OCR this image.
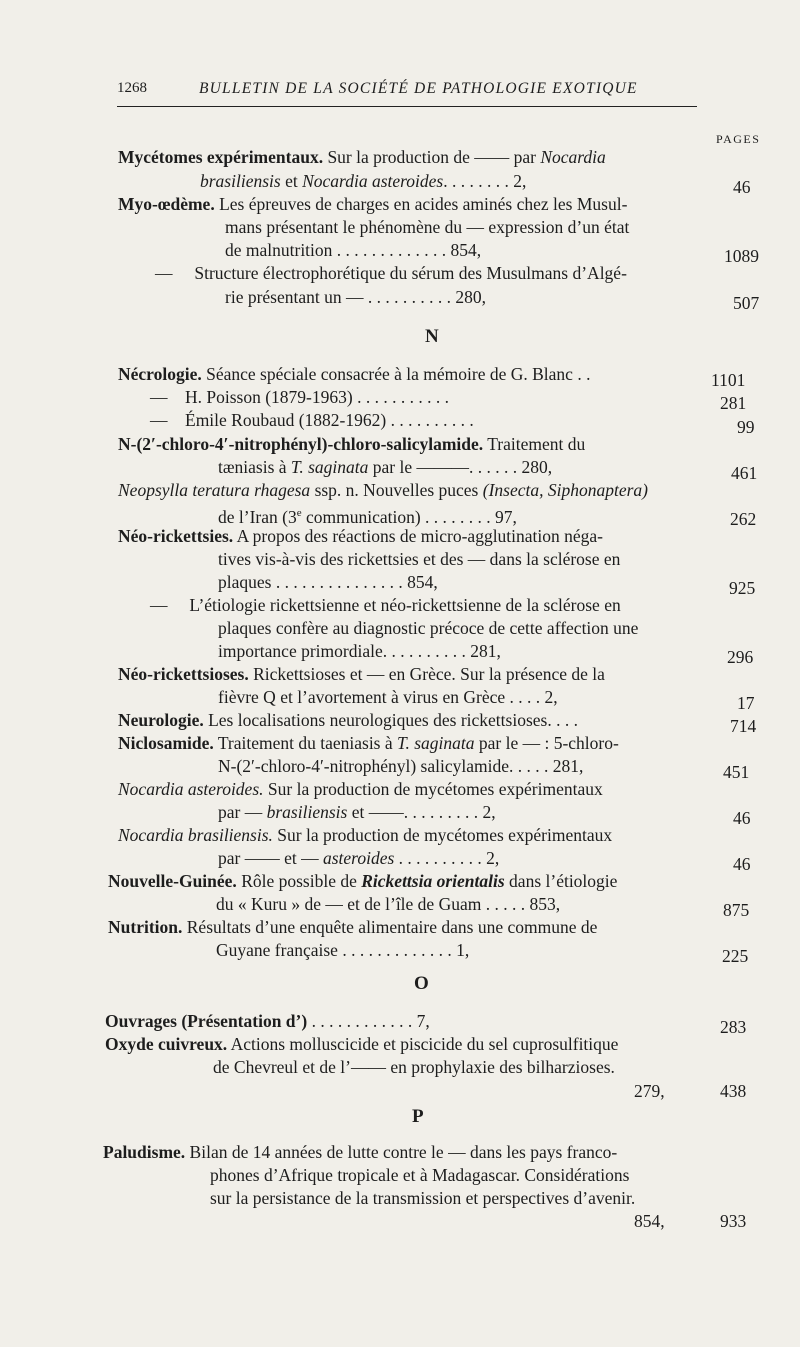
1268	BULLETIN DE LA SOCIÉTÉ DE PATHOLOGIE EXOTIQUE
PAGES
Mycétomes expérimentaux. Sur la production de —— par Nocardia
brasiliensis et Nocardia asteroides. . . . . . . . 2,
Myo-œdème. Les épreuves de charges en acides aminés chez les Musul-
mans présentant le phénomène du — expression d’un état
de malnutrition . . . . . . . . . . . . . 854,
—     Structure électrophorétique du sérum des Musulmans d’Algé-
rie présentant un — . . . . . . . . . . 280,
Nécrologie. Séance spéciale consacrée à la mémoire de G. Blanc . .
—    H. Poisson (1879-1963) . . . . . . . . . . .
—    Émile Roubaud (1882-1962) . . . . . . . . . .
N-(2′-chloro-4′-nitrophényl)-chloro-salicylamide. Traitement du
tæniasis à T. saginata par le ———. . . . . . 280,
Neopsylla teratura rhagesa ssp. n. Nouvelles puces (Insecta, Siphonaptera)
de l’Iran (3e communication) . . . . . . . . 97,
Néo-rickettsies. A propos des réactions de micro-agglutination néga-
tives vis-à-vis des rickettsies et des — dans la sclérose en
plaques . . . . . . . . . . . . . . . 854,
—     L’étiologie rickettsienne et néo-rickettsienne de la sclérose en
plaques confère au diagnostic précoce de cette affection une
importance primordiale. . . . . . . . . . 281,
Néo-rickettsioses. Rickettsioses et — en Grèce. Sur la présence de la
fièvre Q et l’avortement à virus en Grèce . . . . 2,
Neurologie. Les localisations neurologiques des rickettsioses. . . .
Niclosamide. Traitement du taeniasis à T. saginata par le — : 5-chloro-
N-(2′-chloro-4′-nitrophényl) salicylamide. . . . . 281,
Nocardia asteroides. Sur la production de mycétomes expérimentaux
par — brasiliensis et ——. . . . . . . . . 2,
Nocardia brasiliensis. Sur la production de mycétomes expérimentaux
par —— et — asteroides . . . . . . . . . . 2,
Nouvelle-Guinée. Rôle possible de Rickettsia orientalis dans l’étiologie
du « Kuru » de — et de l’île de Guam . . . . . 853,
Nutrition. Résultats d’une enquête alimentaire dans une commune de
Guyane française . . . . . . . . . . . . . 1,
Ouvrages (Présentation d’) . . . . . . . . . . . . 7,
Oxyde cuivreux. Actions molluscicide et piscicide du sel cuprosulfitique
de Chevreul et de l’—— en prophylaxie des bilharzioses.
279,
Paludisme. Bilan de 14 années de lutte contre le — dans les pays franco-
phones d’Afrique tropicale et à Madagascar. Considérations
sur la persistance de la transmission et perspectives d’avenir.
854,
46
1089
507
1101
281
99
461
262
925
296
17
714
451
46
46
875
225
283
438
933
N
O
P
